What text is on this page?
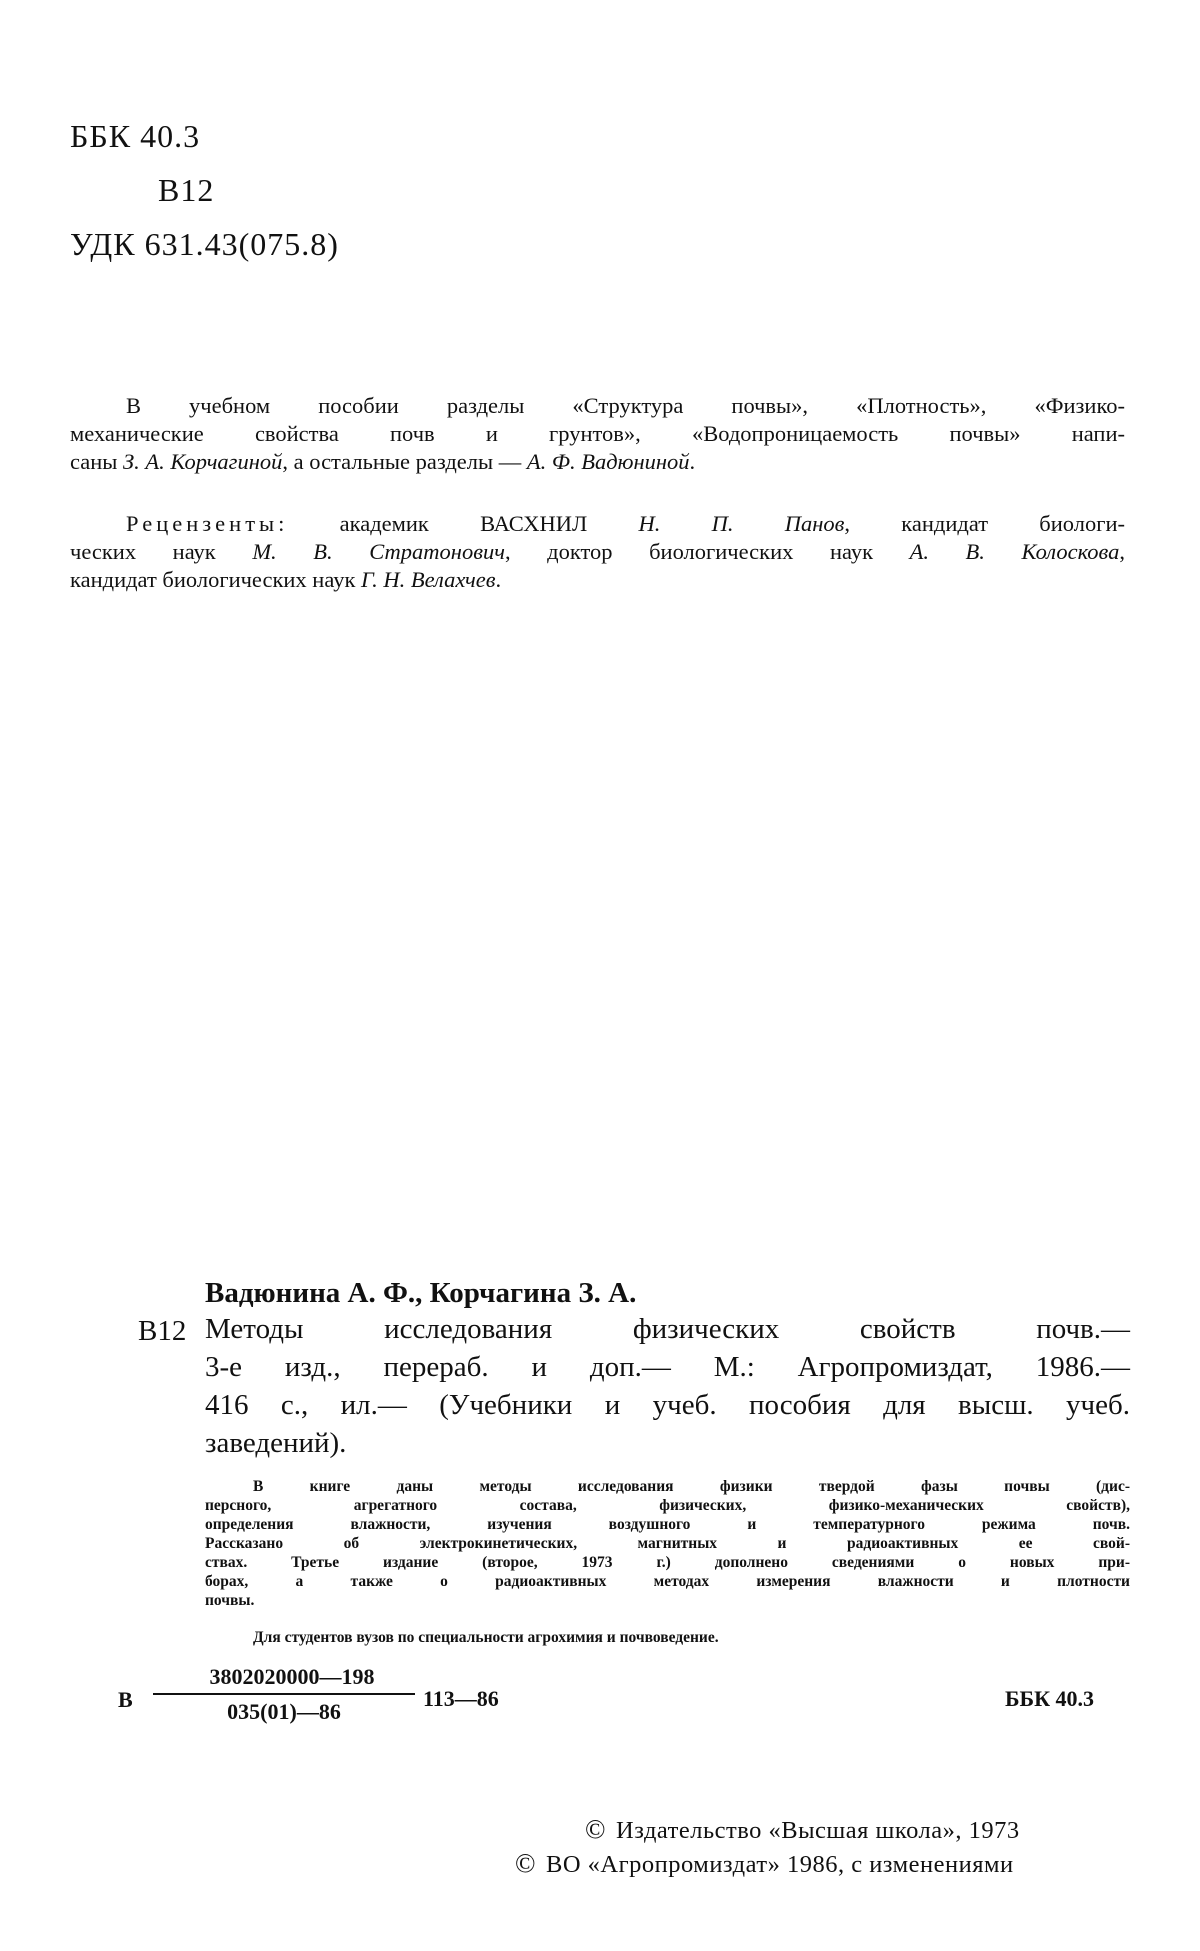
ББК 40.3
В12
УДК 631.43(075.8)
В учебном пособии разделы «Структура почвы», «Плотность», «Физико-
механические свойства почв и грунтов», «Водопроницаемость почвы» напи-
саны З. А. Корчагиной, а остальные разделы — А. Ф. Вадюниной.
Рецензенты: академик ВАСХНИЛ Н. П. Панов, кандидат биологи-
ческих наук М. В. Стратонович, доктор биологических наук А. В. Колоскова,
кандидат биологических наук Г. Н. Велахчев.
Вадюнина А. Ф., Корчагина З. А.
В12 Методы исследования физических свойств почв.—
3-е изд., перераб. и доп.— М.: Агропромиздат, 1986.—
416 с., ил.— (Учебники и учеб. пособия для высш. учеб.
заведений).
В книге даны методы исследования физики твердой фазы почвы (дис-
персного, агрегатного состава, физических, физико-механических свойств),
определения влажности, изучения воздушного и температурного режима почв.
Рассказано об электрокинетических, магнитных и радиоактивных ее свой-
ствах. Третье издание (второе, 1973 г.) дополнено сведениями о новых при-
борах, а также о радиоактивных методах измерения влажности и плотности
почвы.
Для студентов вузов по специальности агрохимия и почвоведение.
В
3802020000—198
035(01)—86
113—86	ББК 40.3
© Издательство «Высшая школа», 1973
© ВО «Агропромиздат» 1986, с изменениями
